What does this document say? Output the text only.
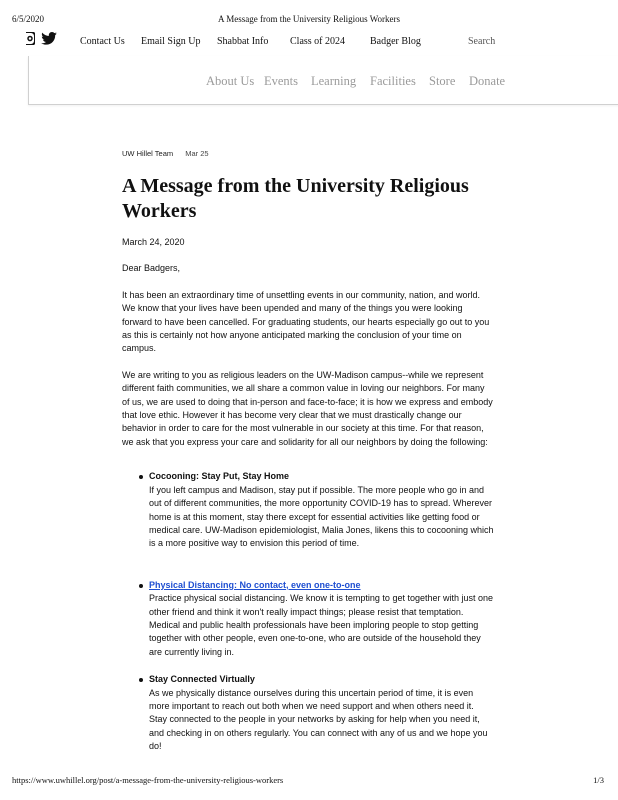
6/5/2020	A Message from the University Religious Workers
Contact Us Email Sign Up Shabbat Info Class of 2024	Badger Blog	Search
About Us Events Learning Facilities Store Donate
UW Hillel Team Mar 25
A Message from the University Religious Workers

March 24, 2020

Dear Badgers,

It has been an extraordinary time of unsettling events in our community, nation, and world. We know that your lives have been upended and many of the things you were looking forward to have been cancelled. For graduating students, our hearts especially go out to you as this is certainly not how anyone anticipated marking the conclusion of your time on campus.

We are writing to you as religious leaders on the UW-Madison campus--while we represent different faith communities, we all share a common value in loving our neighbors. For many of us, we are used to doing that in-person and face-to-face; it is how we express and embody that love ethic. However it has become very clear that we must drastically change our behavior in order to care for the most vulnerable in our society at this time. For that reason, we ask that you express your care and solidarity for all our neighbors by doing the following:

Cocooning: Stay Put, Stay Home
If you left campus and Madison, stay put if possible. The more people who go in and out of different communities, the more opportunity COVID-19 has to spread. Wherever home is at this moment, stay there except for essential activities like getting food or medical care. UW-Madison epidemiologist, Malia Jones, likens this to cocooning which is a more positive way to envision this period of time.
Physical Distancing: No contact, even one-to-one
Practice physical social distancing. We know it is tempting to get together with just one other friend and think it won't really impact things; please resist that temptation. Medical and public health professionals have been imploring people to stop getting together with other people, even one-to-one, who are outside of the household they are currently living in.
Stay Connected Virtually
As we physically distance ourselves during this uncertain period of time, it is even more important to reach out both when we need support and when others need it. Stay connected to the people in your networks by asking for help when you need it, and checking in on others regularly. You can connect with any of us and we hope you do!
https://www.uwhillel.org/post/a-message-from-the-university-religious-workers	1/3
